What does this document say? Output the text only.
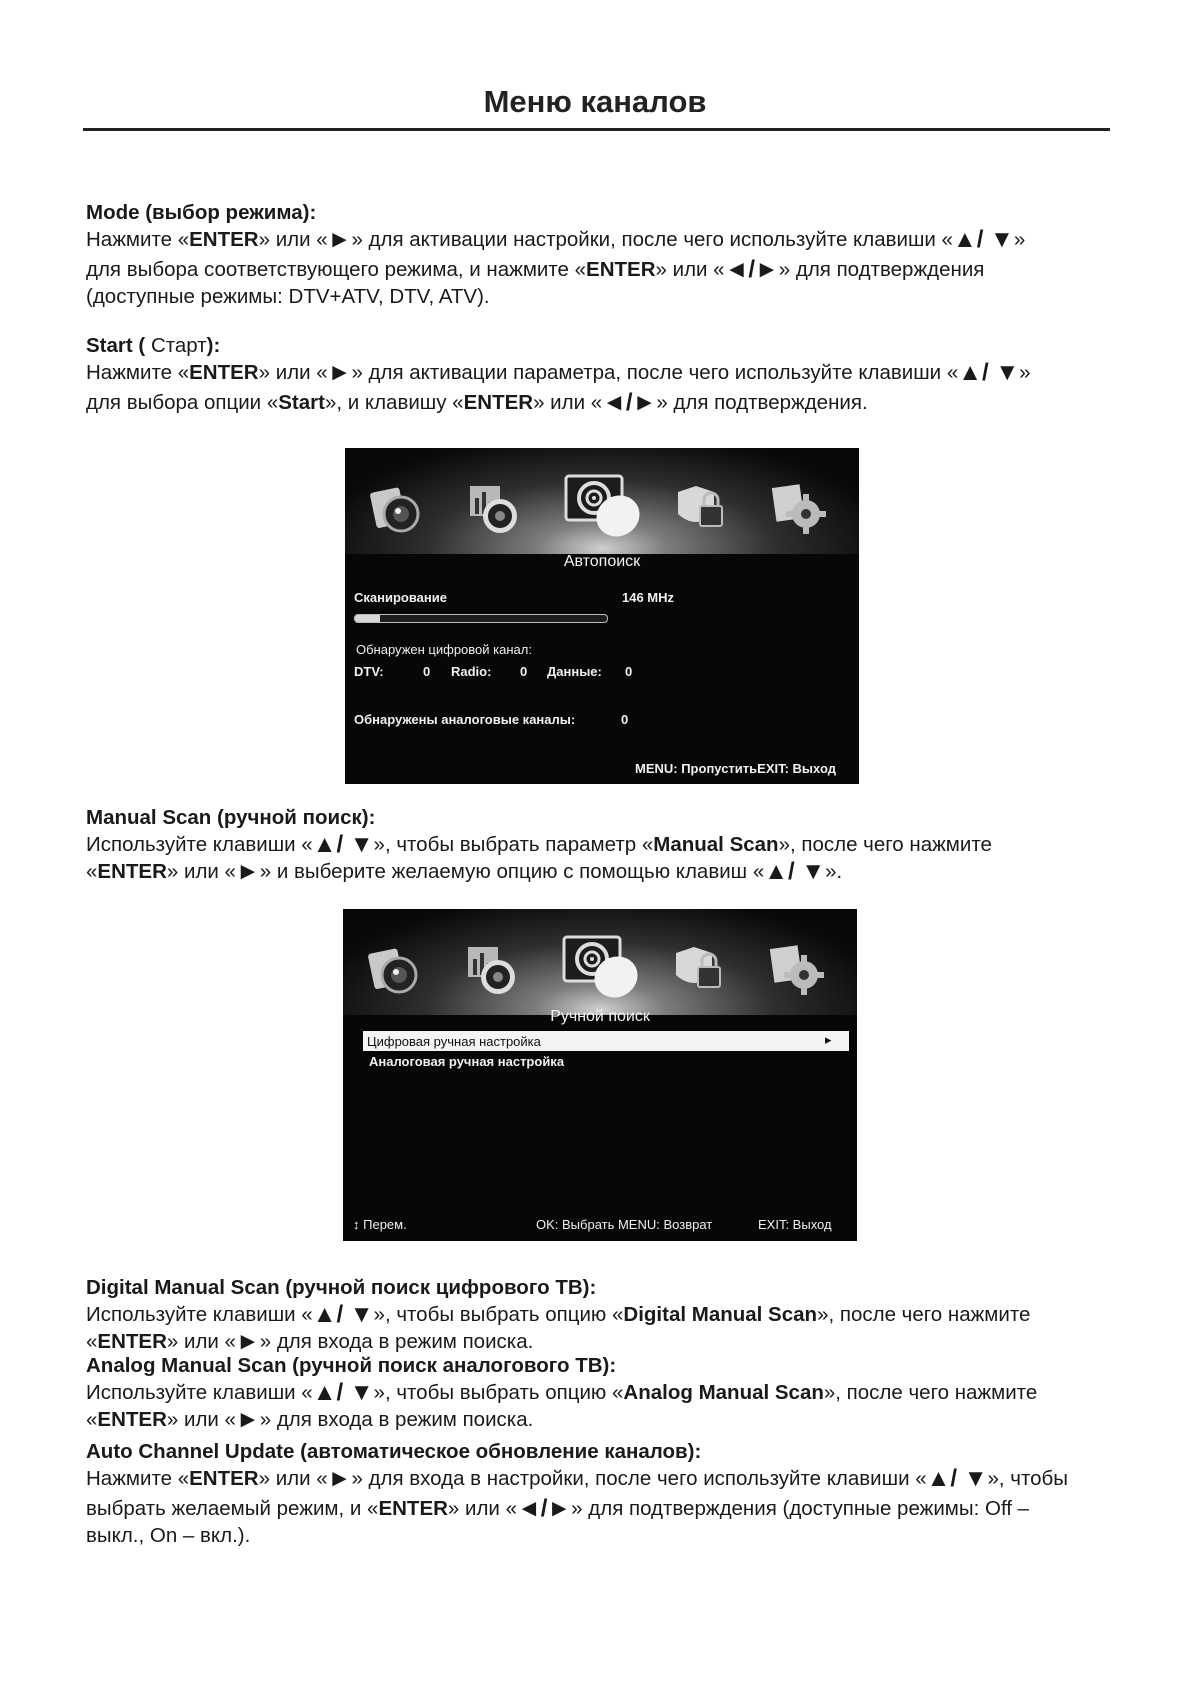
Меню каналов
Mode (выбор режима):

Нажмите «ENTER» или «►» для активации настройки, после чего используйте клавиши «▲/ ▼»

для выбора соответствующего режима, и нажмите «ENTER» или «◄/►» для подтверждения

(доступные режимы: DTV+ATV, DTV, ATV).

Start ( Старт):

Нажмите «ENTER» или «►» для активации параметра, после чего используйте клавиши «▲/ ▼»

для выбора опции «Start», и клавишу «ENTER» или «◄/►» для подтверждения.

Автопоиск
Сканирование	146 MHz
Обнаружен цифровой канал:
DTV:	0 Radio: 0 Данные: 0
Обнаружены аналоговые каналы:	0
MENU: ПропуститьEXIT: Выход
Manual Scan (ручной поиск):

Используйте клавиши «▲/ ▼», чтобы выбрать параметр «Manual Scan», после чего нажмите

«ENTER» или «►» и выберите желаемую опцию с помощью клавиш «▲/ ▼».

Ручной поиск
Цифровая ручная настройка	▸
Аналоговая ручная настройка
↕ Перем.	OK: Выбрать MENU: Возврат	EXIT: Выход
Digital Manual Scan (ручной поиск цифрового ТВ):

Используйте клавиши «▲/ ▼», чтобы выбрать опцию «Digital Manual Scan», после чего нажмите

«ENTER» или «►» для входа в режим поиска.

Analog Manual Scan (ручной поиск аналогового ТВ):

Используйте клавиши «▲/ ▼», чтобы выбрать опцию «Analog Manual Scan», после чего нажмите

«ENTER» или «►» для входа в режим поиска.

Auto Channel Update (автоматическое обновление каналов):

Нажмите «ENTER» или «►» для входа в настройки, после чего используйте клавиши «▲/ ▼», чтобы

выбрать желаемый режим, и «ENTER» или «◄/►» для подтверждения (доступные режимы: Off –

выкл., On – вкл.).
